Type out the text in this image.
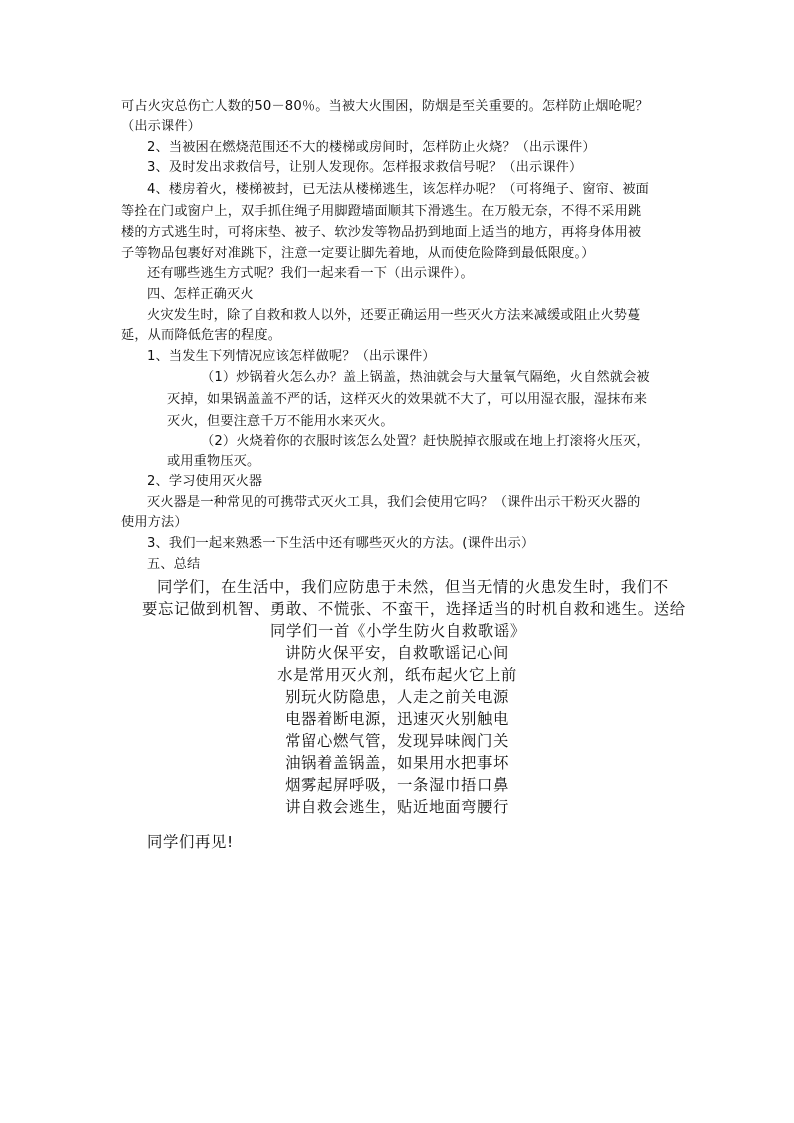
可占火灾总伤亡人数的50－80％。当被大火围困，防烟是至关重要的。怎样防止烟呛呢？
（出示课件）
2、当被困在燃烧范围还不大的楼梯或房间时，怎样防止火烧？（出示课件）
3、及时发出求救信号，让别人发现你。怎样报求救信号呢？（出示课件）
4、楼房着火，楼梯被封，已无法从楼梯逃生，该怎样办呢？（可将绳子、窗帘、被面
等拴在门或窗户上，双手抓住绳子用脚蹬墙面顺其下滑逃生。在万般无奈，不得不采用跳
楼的方式逃生时，可将床垫、被子、软沙发等物品扔到地面上适当的地方，再将身体用被
子等物品包裹好对准跳下，注意一定要让脚先着地，从而使危险降到最低限度。）
还有哪些逃生方式呢？我们一起来看一下（出示课件）。
四、怎样正确灭火
火灾发生时，除了自救和救人以外，还要正确运用一些灭火方法来减缓或阻止火势蔓
延，从而降低危害的程度。
1、当发生下列情况应该怎样做呢？（出示课件）
（1）炒锅着火怎么办？盖上锅盖，热油就会与大量氧气隔绝，火自然就会被
灭掉，如果锅盖盖不严的话，这样灭火的效果就不大了，可以用湿衣服，湿抹布来
灭火，但要注意千万不能用水来灭火。
（2）火烧着你的衣服时该怎么处置？赶快脱掉衣服或在地上打滚将火压灭，
或用重物压灭。
2、学习使用灭火器
灭火器是一种常见的可携带式灭火工具，我们会使用它吗？（课件出示干粉灭火器的
使用方法）
3、我们一起来熟悉一下生活中还有哪些灭火的方法。(课件出示）
五、总结
同学们，在生活中，我们应防患于未然，但当无情的火患发生时，我们不
要忘记做到机智、勇敢、不慌张、不蛮干，选择适当的时机自救和逃生。送给
同学们一首《小学生防火自救歌谣》
讲防火保平安，自救歌谣记心间
水是常用灭火剂，纸布起火它上前
别玩火防隐患，人走之前关电源
电器着断电源，迅速灭火别触电
常留心燃气管，发现异味阀门关
油锅着盖锅盖，如果用水把事坏
烟雾起屏呼吸，一条湿巾捂口鼻
讲自救会逃生，贴近地面弯腰行
同学们再见!
